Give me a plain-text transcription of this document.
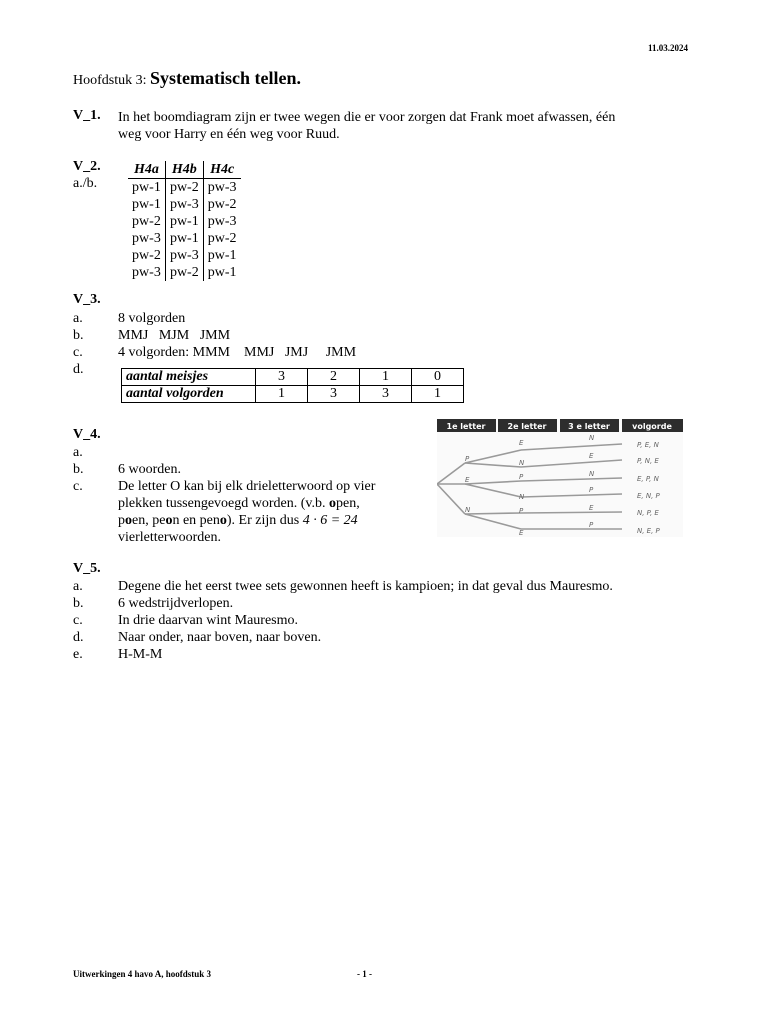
11.03.2024
Hoofdstuk 3: Systematisch tellen.
V_1. In het boomdiagram zijn er twee wegen die er voor zorgen dat Frank moet afwassen, één
weg voor Harry en één weg voor Ruud.
V_2.
a./b.
H4a	H4b	H4c
pw-1	pw-2	pw-3
pw-1	pw-3	pw-2
pw-2	pw-1	pw-3
pw-3	pw-1	pw-2
pw-2	pw-3	pw-1
pw-3	pw-2	pw-1
V_3.
a.	8 volgorden
b. MMJ   MJM   JMM
c.	4 volgorden: MMM    MMJ   JMJ     JMM
d.	aantal meisjes	3	2	1	0
aantal volgorden	1	3	3	1
V_4.
a.
b. 6 woorden.
c.	De letter O kan bij elk drieletterwoord op vier
plekken tussengevoegd worden. (v.b. open,
poen, peon en peno). Er zijn dus 4 · 6 = 24
vierletterwoorden.
1e letter	2e letter	3 e letter	volgorde
P
E
N
E
N
P
N
P
E
N
E
N
P
E
P
P, E, N
P, N, E
E, P, N
E, N, P
N, P, E
N, E, P
V_5.
a.	Degene die het eerst twee sets gewonnen heeft is kampioen; in dat geval dus Mauresmo.
b. 6 wedstrijdverlopen.
c.	In drie daarvan wint Mauresmo.
d. Naar onder, naar boven, naar boven.
e.	H-M-M
Uitwerkingen 4 havo A, hoofdstuk 3	- 1 -
